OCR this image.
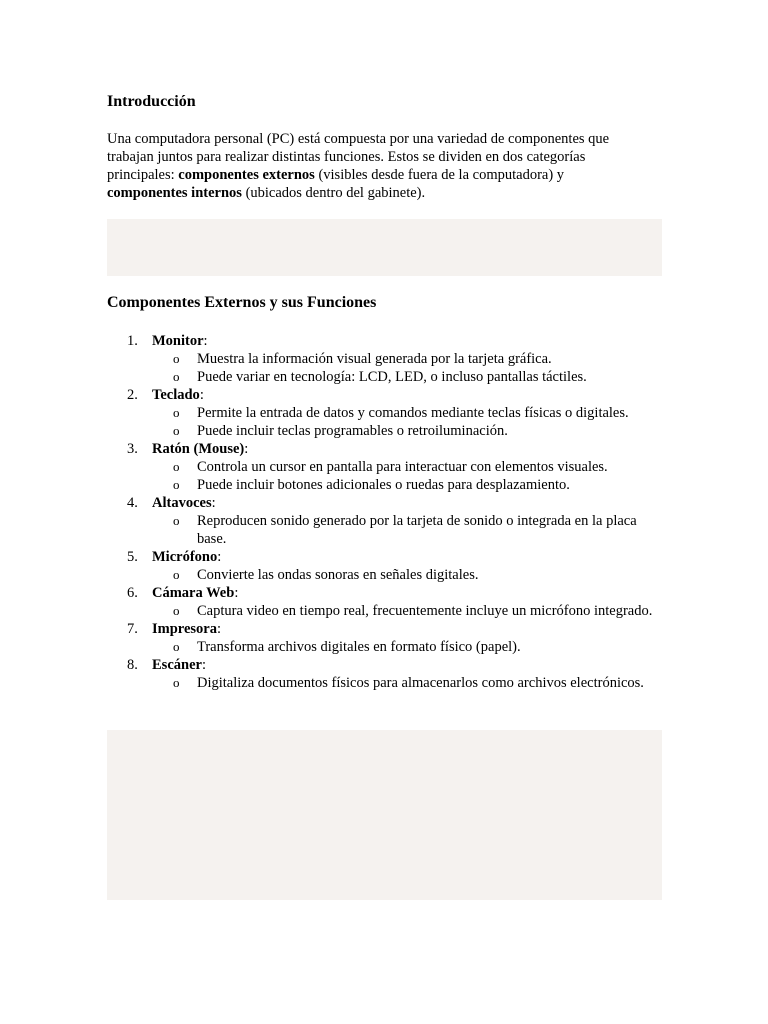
Introducción

Una computadora personal (PC) está compuesta por una variedad de componentes que trabajan juntos para realizar distintas funciones. Estos se dividen en dos categorías principales: componentes externos (visibles desde fuera de la computadora) y componentes internos (ubicados dentro del gabinete).

Componentes Externos y sus Funciones
1. Monitor:
o Muestra la información visual generada por la tarjeta gráfica.
o Puede variar en tecnología: LCD, LED, o incluso pantallas táctiles.
2. Teclado:
o Permite la entrada de datos y comandos mediante teclas físicas o digitales.
o Puede incluir teclas programables o retroiluminación.
3. Ratón (Mouse):
o Controla un cursor en pantalla para interactuar con elementos visuales.
o Puede incluir botones adicionales o ruedas para desplazamiento.
4. Altavoces:
o Reproducen sonido generado por la tarjeta de sonido o integrada en la placa base.
5. Micrófono:
o Convierte las ondas sonoras en señales digitales.
6. Cámara Web:
o Captura video en tiempo real, frecuentemente incluye un micrófono integrado.
7. Impresora:
o Transforma archivos digitales en formato físico (papel).
8. Escáner:
o Digitaliza documentos físicos para almacenarlos como archivos electrónicos.
